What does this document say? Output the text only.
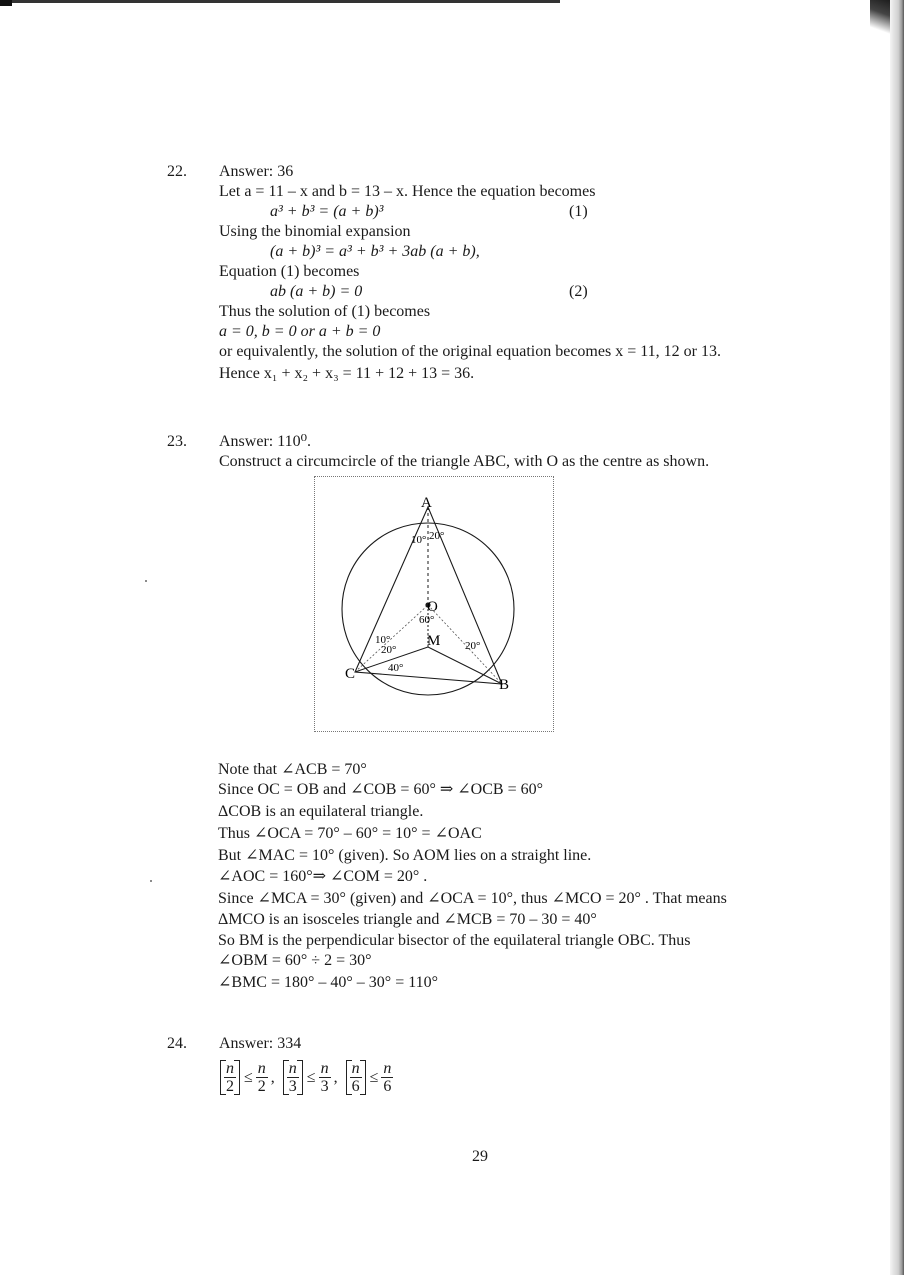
22.	Answer: 36
Let a = 11 – x and b = 13 – x. Hence the equation becomes
a³ + b³ = (a + b)³	(1)
Using the binomial expansion
(a + b)³ = a³ + b³ + 3ab (a + b),
Equation (1) becomes
ab (a + b) = 0	(2)
Thus the solution of (1) becomes
a = 0, b = 0 or a + b = 0
or equivalently, the solution of the original equation becomes x = 11, 12 or 13.
Hence x₁ + x₂ + x₃ = 11 + 12 + 13 = 36.
23.	Answer: 110⁰.
Construct a circumcircle of the triangle ABC, with O as the centre as shown.
A
O
M
C
B
10° 20°
60°
10°
20°
40°
20°
Note that ∠ACB = 70°
Since OC = OB and ∠COB = 60° ⇒ ∠OCB = 60°
ΔCOB is an equilateral triangle.
Thus ∠OCA = 70° – 60° = 10° = ∠OAC
But ∠MAC = 10° (given). So AOM lies on a straight line.
∠AOC = 160°⇒ ∠COM = 20° .
Since ∠MCA = 30° (given) and ∠OCA = 10°, thus ∠MCO = 20° . That means
ΔMCO is an isosceles triangle and ∠MCB = 70 – 30 = 40°
So BM is the perpendicular bisector of the equilateral triangle OBC. Thus
∠OBM = 60° ÷ 2 = 30°
∠BMC = 180° – 40° – 30° = 110°
24.	Answer: 334
$\frac{n}{2} \le \frac{n}{2}$ , $\frac{n}{3} \le \frac{n}{3}$ , $\frac{n}{6} \le \frac{n}{6}$
29
